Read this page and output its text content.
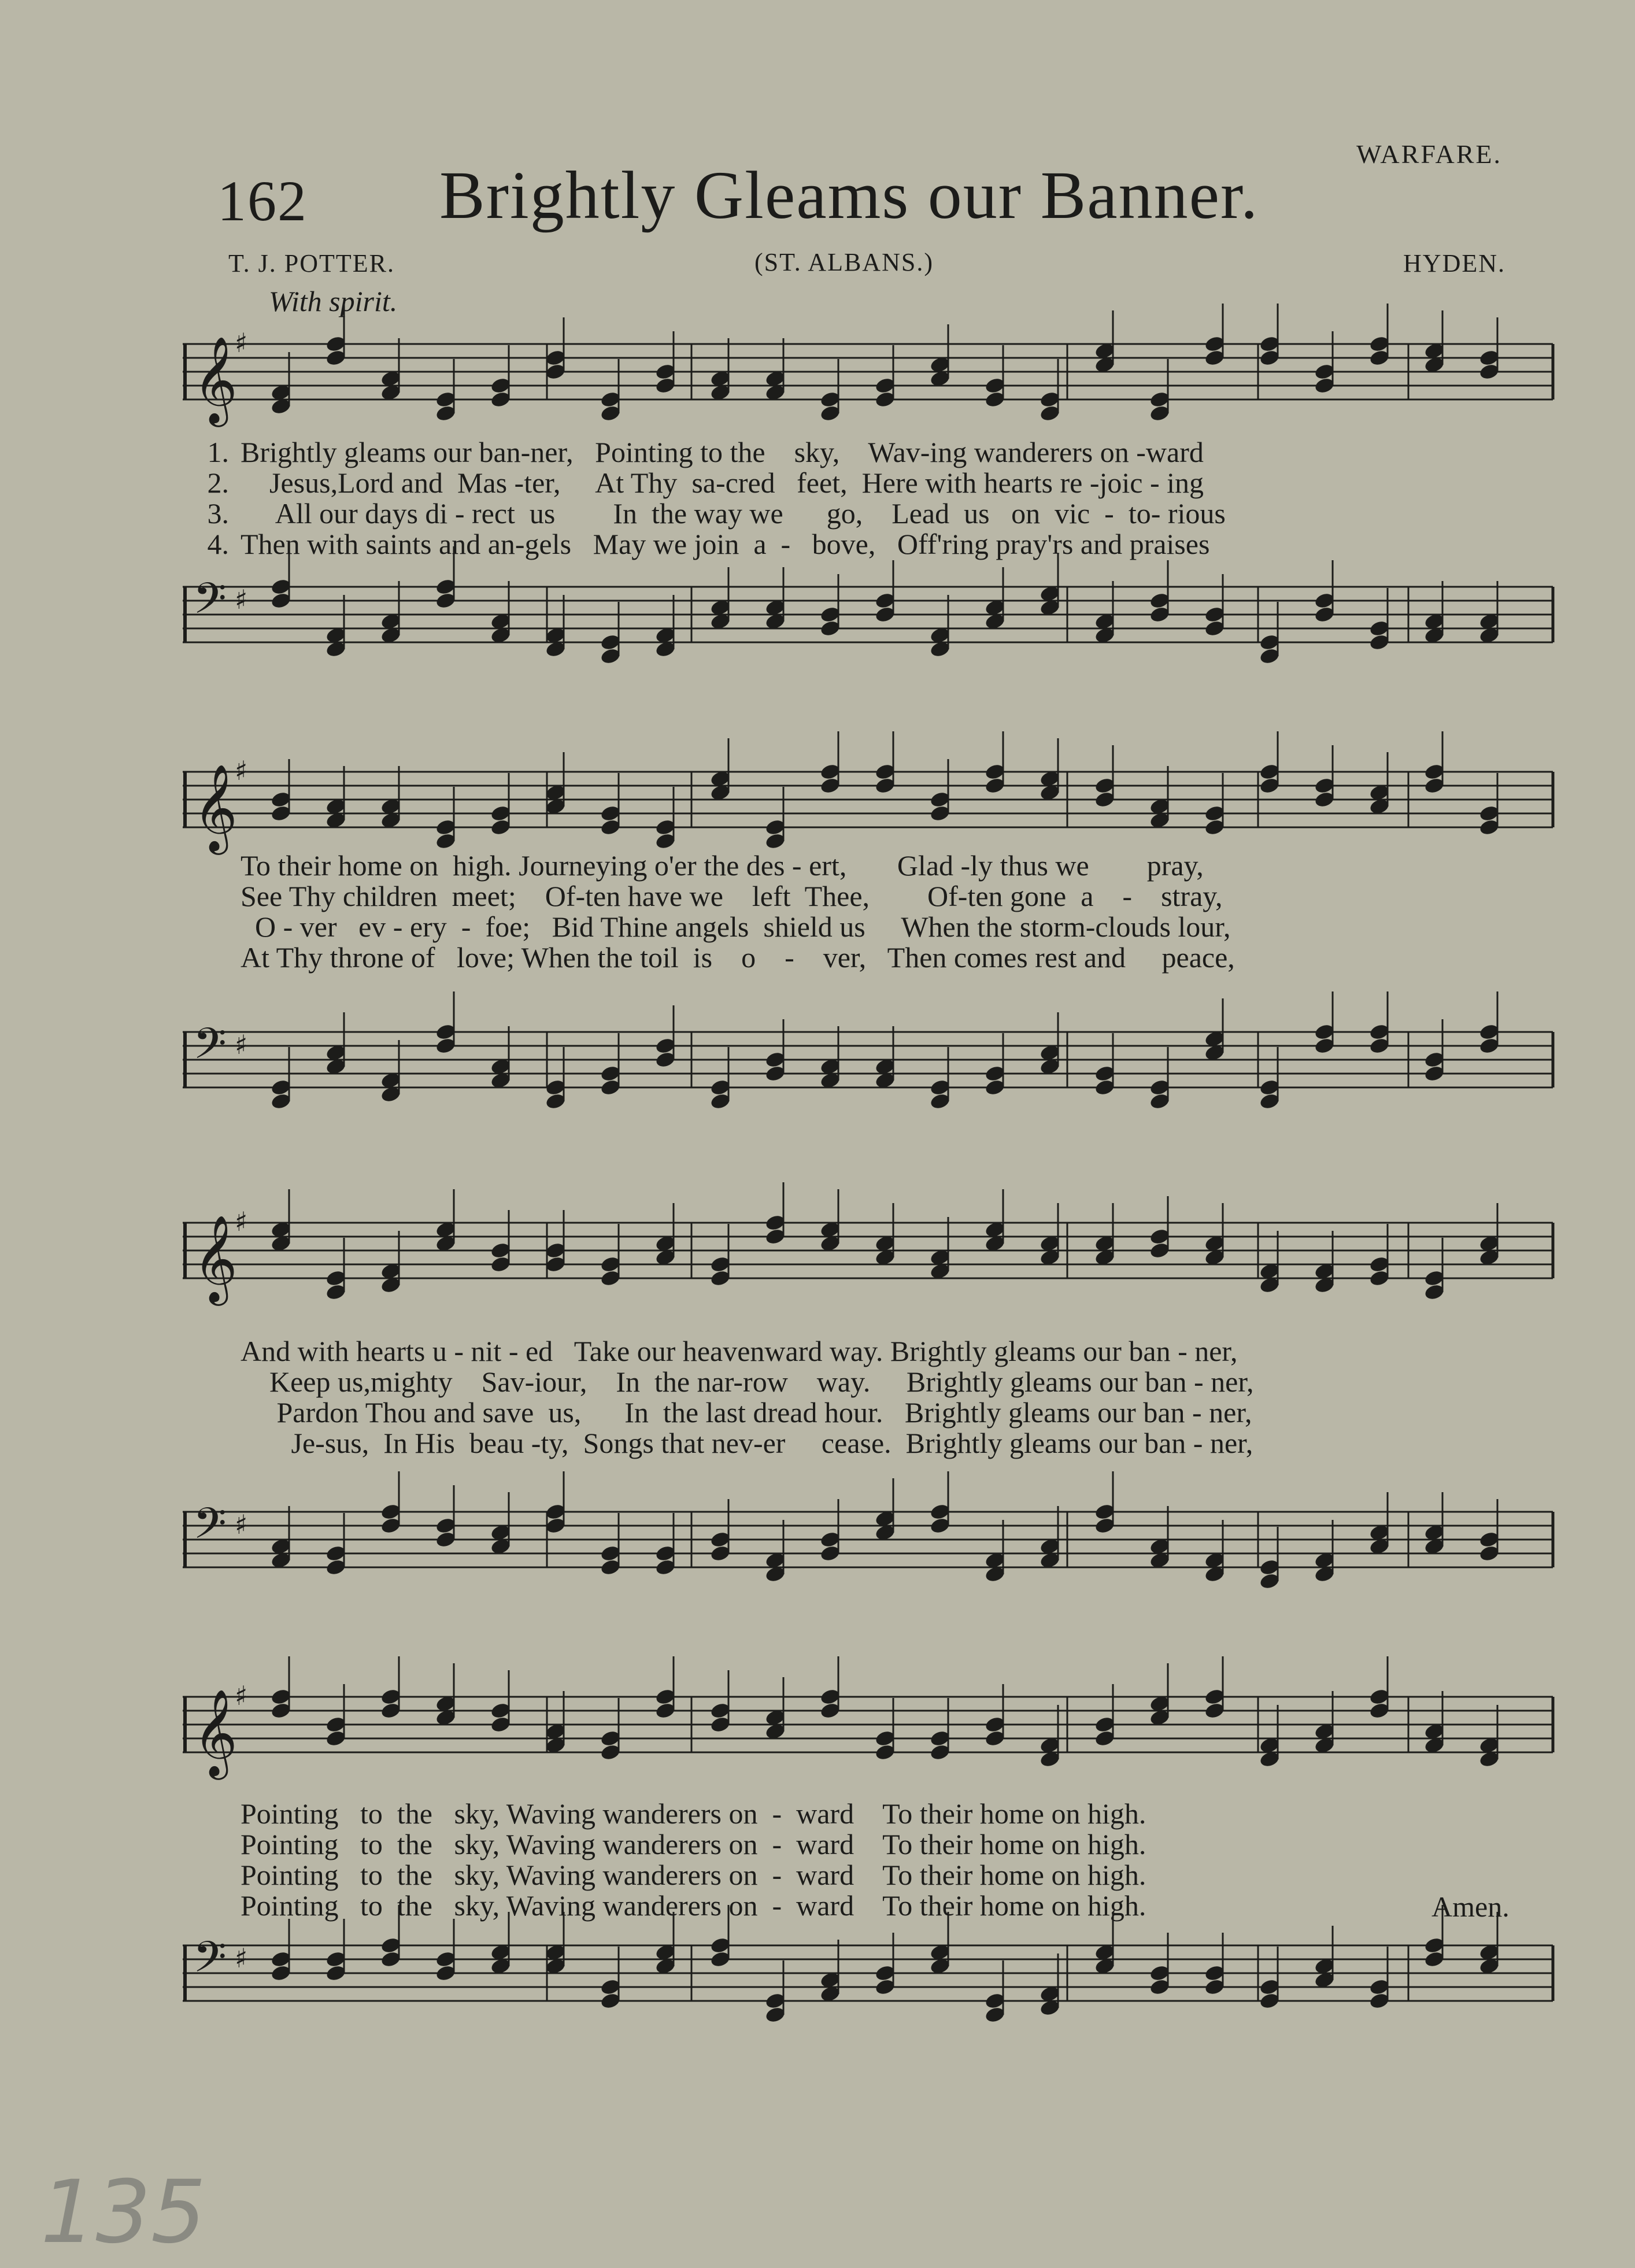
WARFARE.
162 Brightly Gleams our Banner.
T. J. POTTER.	(ST. ALBANS.)	HYDEN.
With spirit.
𝄞
♯
1. Brightly gleams our ban-ner,   Pointing to the    sky,    Wav-ing wanderers on -ward
2.    Jesus,Lord and  Mas -ter,     At Thy  sa-cred   feet,  Here with hearts re -joic - ing
3.     All our days di - rect  us        In  the way we      go,    Lead  us   on  vic  -  to- rious
4. Then with saints and an-gels   May we join  a  -   bove,   Off'ring pray'rs and praises
𝄢 ♯
𝄞
♯
To their home on  high. Journeying o'er the des - ert,       Glad -ly thus we        pray,
See Thy children  meet;    Of-ten have we    left  Thee,        Of-ten gone  a    -    stray,
O - ver   ev - ery  -  foe;   Bid Thine angels  shield us     When the storm-clouds lour,
At Thy throne of   love; When the toil  is    o    -    ver,   Then comes rest and     peace,
𝄢 ♯
𝄞
♯
And with hearts u - nit - ed   Take our heavenward way. Brightly gleams our ban - ner,
Keep us,mighty    Sav-iour,    In  the nar-row    way.     Brightly gleams our ban - ner,
Pardon Thou and save  us,      In  the last dread hour.   Brightly gleams our ban - ner,
Je-sus,  In His  beau -ty,  Songs that nev-er     cease.  Brightly gleams our ban - ner,
𝄢 ♯
𝄞
♯
Pointing   to  the   sky, Waving wanderers on  -  ward    To their home on high.
Pointing   to  the   sky, Waving wanderers on  -  ward    To their home on high.
Pointing   to  the   sky, Waving wanderers on  -  ward    To their home on high.
Pointing   to  the   sky, Waving wanderers on  -  ward    To their home on high.	Amen.
𝄢 ♯
135
